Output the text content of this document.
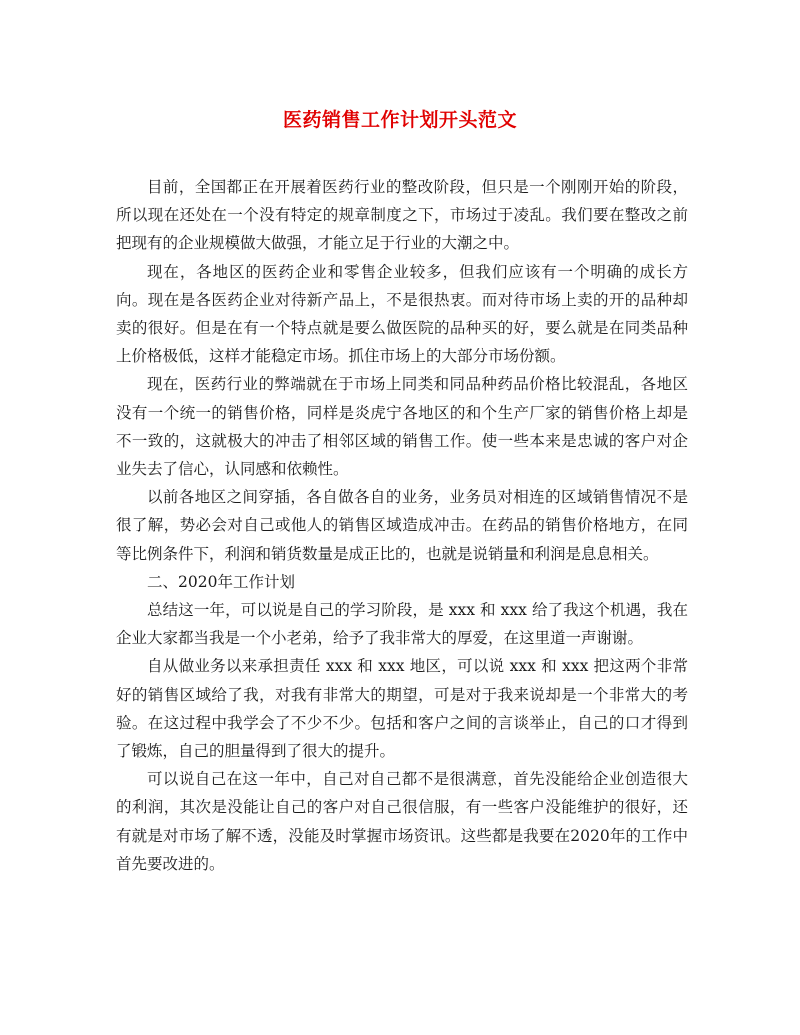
医药销售工作计划开头范文

目前，全国都正在开展着医药行业的整改阶段，但只是一个刚刚开始的阶段，所以现在还处在一个没有特定的规章制度之下，市场过于凌乱。我们要在整改之前把现有的企业规模做大做强，才能立足于行业的大潮之中。

现在，各地区的医药企业和零售企业较多，但我们应该有一个明确的成长方向。现在是各医药企业对待新产品上，不是很热衷。而对待市场上卖的开的品种却卖的很好。但是在有一个特点就是要么做医院的品种买的好，要么就是在同类品种上价格极低，这样才能稳定市场。抓住市场上的大部分市场份额。

现在，医药行业的弊端就在于市场上同类和同品种药品价格比较混乱，各地区没有一个统一的销售价格，同样是炎虎宁各地区的和个生产厂家的销售价格上却是不一致的，这就极大的冲击了相邻区域的销售工作。使一些本来是忠诚的客户对企业失去了信心，认同感和依赖性。

以前各地区之间穿插，各自做各自的业务，业务员对相连的区域销售情况不是很了解，势必会对自己或他人的销售区域造成冲击。在药品的销售价格地方，在同等比例条件下，利润和销货数量是成正比的，也就是说销量和利润是息息相关。

二、2020年工作计划

总结这一年，可以说是自己的学习阶段，是 xxx 和 xxx 给了我这个机遇，我在企业大家都当我是一个小老弟，给予了我非常大的厚爱，在这里道一声谢谢。

自从做业务以来承担责任 xxx 和 xxx 地区，可以说 xxx 和 xxx 把这两个非常好的销售区域给了我，对我有非常大的期望，可是对于我来说却是一个非常大的考验。在这过程中我学会了不少不少。包括和客户之间的言谈举止，自己的口才得到了锻炼，自己的胆量得到了很大的提升。

可以说自己在这一年中，自己对自己都不是很满意，首先没能给企业创造很大的利润，其次是没能让自己的客户对自己很信服，有一些客户没能维护的很好，还有就是对市场了解不透，没能及时掌握市场资讯。这些都是我要在2020年的工作中首先要改进的。
